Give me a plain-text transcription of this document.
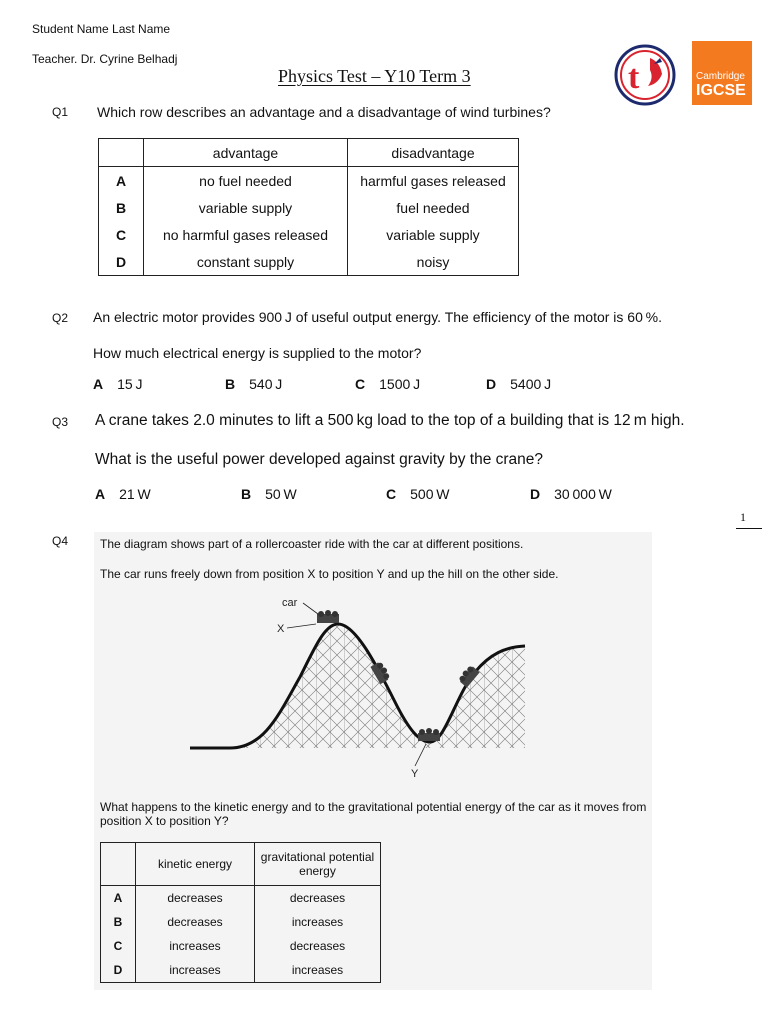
Student Name Last Name
Teacher. Dr. Cyrine Belhadj
Physics Test – Y10 Term 3	t	Cambridge
IGCSE
Q1 Which row describes an advantage and a disadvantage of wind turbines?
	advantage	disadvantage
A	no fuel needed	harmful gases released
B	variable supply	fuel needed
C	no harmful gases released	variable supply
D	constant supply	noisy
Q2 An electric motor provides 900 J of useful output energy. The efficiency of the motor is 60 %.
How much electrical energy is supplied to the motor?
A 15 J	B 540 J	C 1500 J	D 5400 J
Q3 A crane takes 2.0 minutes to lift a 500 kg load to the top of a building that is 12 m high.
What is the useful power developed against gravity by the crane?
A 21 W	B 50 W	C 500 W	D 30 000 W
1
Q4	The diagram shows part of a rollercoaster ride with the car at different positions.
The car runs freely down from position X to position Y and up the hill on the other side.
car
X
Y
What happens to the kinetic energy and to the gravitational potential energy of the car as it moves from position X to position Y?
	kinetic energy	gravitational potential energy
A	decreases	decreases
B	decreases	increases
C	increases	decreases
D	increases	increases
